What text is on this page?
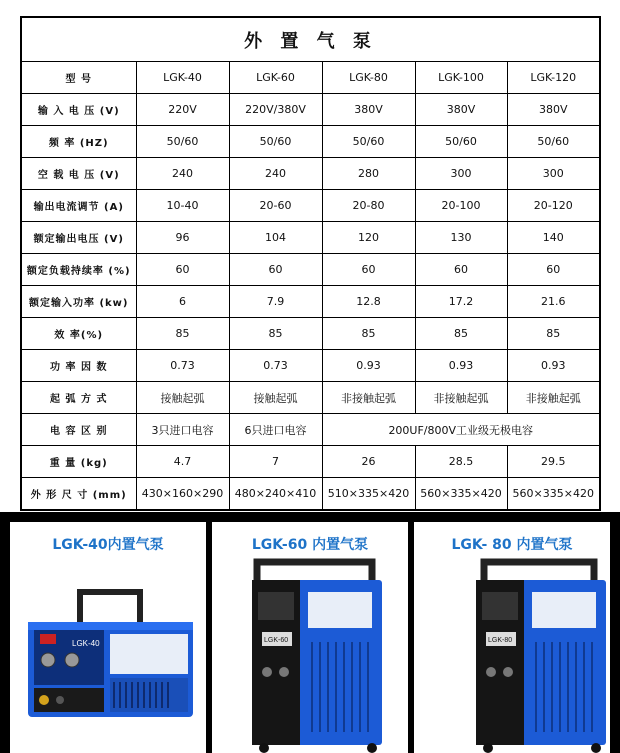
外 置 气 泵					
型 号	LGK-40	LGK-60	LGK-80	LGK-100	LGK-120
输 入 电 压 (V)	220V	220V/380V	380V	380V	380V
频 率 (HZ)	50/60	50/60	50/60	50/60	50/60
空 载 电 压 (V)	240	240	280	300	300
输出电流调节 (A)	10-40	20-60	20-80	20-100	20-120
额定输出电压 (V)	96	104	120	130	140
额定负载持续率 (%)	60	60	60	60	60
额定输入功率 (kw)	6	7.9	12.8	17.2	21.6
效 率(%)	85	85	85	85	85
功 率 因 数	0.73	0.73	0.93	0.93	0.93
起 弧 方 式	接触起弧	接触起弧	非接触起弧	非接触起弧	非接触起弧
电 容 区 别	3只进口电容	6只进口电容	200UF/800V工业级无极电容		
重 量 (kg)	4.7	7	26	28.5	29.5
外 形 尺 寸 (mm)	430×160×290	480×240×410	510×335×420	560×335×420	560×335×420
LGK-40内置气泵
LGK-40
LGK-60 内置气泵
LGK-60
LGK- 80 内置气泵
LGK-80
